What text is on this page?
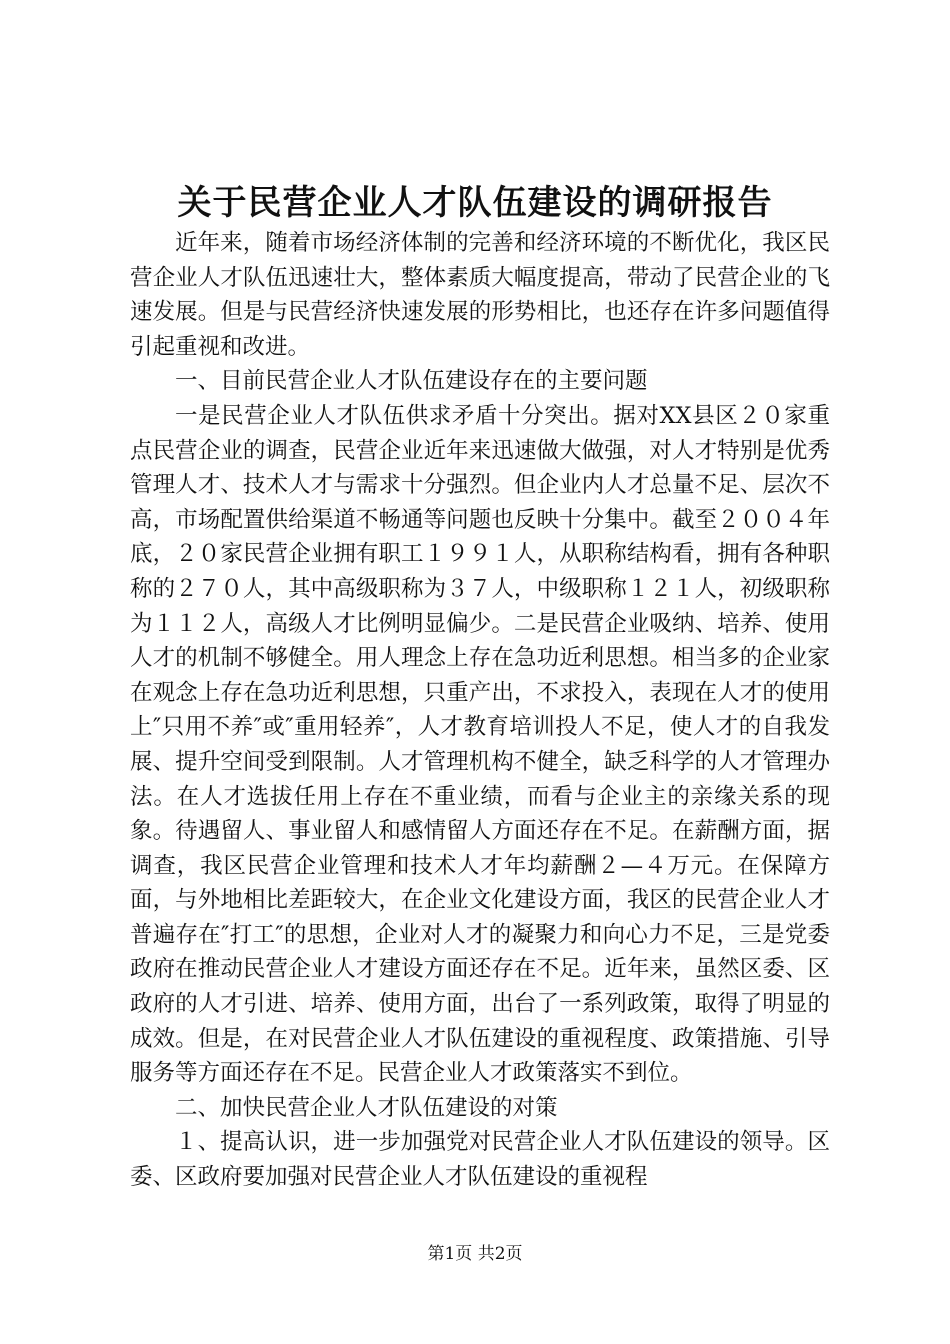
关于民营企业人才队伍建设的调研报告

近年来，随着市场经济体制的完善和经济环境的不断优化，我区民营企业人才队伍迅速壮大，整体素质大幅度提高，带动了民营企业的飞速发展。但是与民营经济快速发展的形势相比，也还存在许多问题值得引起重视和改进。

一、目前民营企业人才队伍建设存在的主要问题

一是民营企业人才队伍供求矛盾十分突出。据对XX县区２０家重点民营企业的调查，民营企业近年来迅速做大做强，对人才特别是优秀管理人才、技术人才与需求十分强烈。但企业内人才总量不足、层次不高，市场配置供给渠道不畅通等问题也反映十分集中。截至２００４年底，２０家民营企业拥有职工１９９１人，从职称结构看，拥有各种职称的２７０人，其中高级职称为３７人，中级职称１２１人，初级职称为１１２人，高级人才比例明显偏少。二是民营企业吸纳、培养、使用人才的机制不够健全。用人理念上存在急功近利思想。相当多的企业家在观念上存在急功近利思想，只重产出，不求投入，表现在人才的使用上″只用不养″或″重用轻养″，人才教育培训投人不足，使人才的自我发展、提升空间受到限制。人才管理机构不健全，缺乏科学的人才管理办法。在人才选拔任用上存在不重业绩，而看与企业主的亲缘关系的现象。待遇留人、事业留人和感情留人方面还存在不足。在薪酬方面，据调查，我区民营企业管理和技术人才年均薪酬２—４万元。在保障方面，与外地相比差距较大，在企业文化建设方面，我区的民营企业人才普遍存在″打工″的思想，企业对人才的凝聚力和向心力不足，三是党委政府在推动民营企业人才建设方面还存在不足。近年来，虽然区委、区政府的人才引进、培养、使用方面，出台了一系列政策，取得了明显的成效。但是，在对民营企业人才队伍建设的重视程度、政策措施、引导服务等方面还存在不足。民营企业人才政策落实不到位。

二、加快民营企业人才队伍建设的对策

１、提高认识，进一步加强党对民营企业人才队伍建设的领导。区委、区政府要加强对民营企业人才队伍建设的重视程

第1页 共2页
